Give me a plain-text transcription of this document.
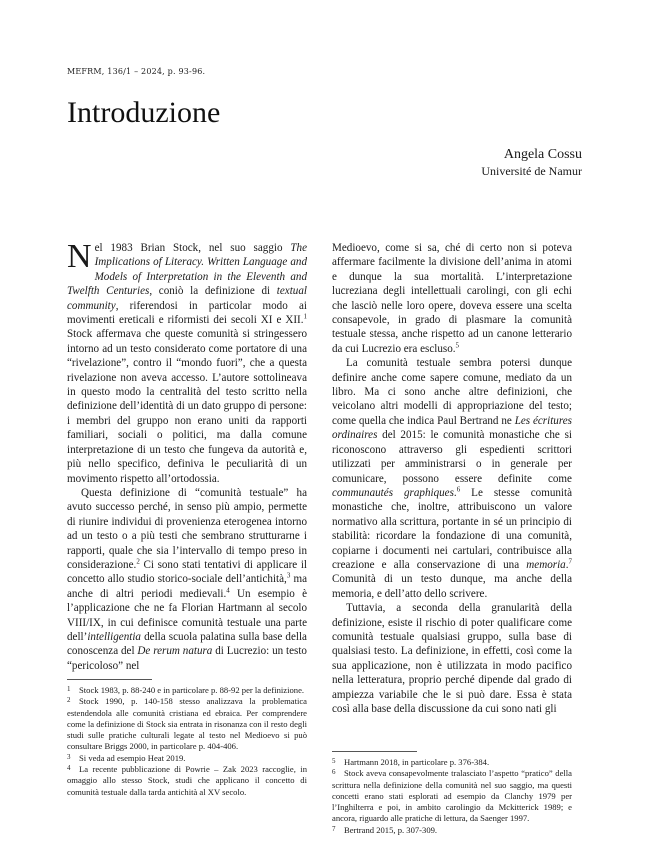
MEFRM, 136/1 – 2024, p. 93-96.
Introduzione
Angela Cossu
Université de Namur

Nel 1983 Brian Stock, nel suo saggio The Implications of Literacy. Written Language and Models of Interpretation in the Eleventh and Twelfth Centuries, coniò la definizione di textual community, riferendosi in particolar modo ai movimenti ereticali e riformisti dei secoli XI e XII.$^1$ Stock affermava che queste comunità si stringessero intorno ad un testo considerato come portatore di una “rivelazione”, contro il “mondo fuori”, che a questa rivelazione non aveva accesso. L’autore sottolineava in questo modo la centralità del testo scritto nella definizione dell’identità di un dato gruppo di persone: i membri del gruppo non erano uniti da rapporti familiari, sociali o politici, ma dalla comune interpretazione di un testo che fungeva da autorità e, più nello specifico, definiva le peculiarità di un movimento rispetto all’ortodossia.

Questa definizione di “comunità testuale” ha avuto successo perché, in senso più ampio, permette di riunire individui di provenienza eterogenea intorno ad un testo o a più testi che sembrano strutturarne i rapporti, quale che sia l’intervallo di tempo preso in considerazione.$^2$ Ci sono stati tentativi di applicare il concetto allo studio storico-sociale dell’antichità,$^3$ ma anche di altri periodi medievali.$^4$ Un esempio è l’applicazione che ne fa Florian Hartmann al secolo VIII/IX, in cui definisce comunità testuale una parte dell’intelligentia della scuola palatina sulla base della conoscenza del De rerum natura di Lucrezio: un testo “pericoloso” nel

Medioevo, come si sa, ché di certo non si poteva affermare facilmente la divisione dell’anima in atomi e dunque la sua mortalità. L’interpretazione lucreziana degli intellettuali carolingi, con gli echi che lasciò nelle loro opere, doveva essere una scelta consapevole, in grado di plasmare la comunità testuale stessa, anche rispetto ad un canone letterario da cui Lucrezio era escluso.$^5$

La comunità testuale sembra potersi dunque definire anche come sapere comune, mediato da un libro. Ma ci sono anche altre definizioni, che veicolano altri modelli di appropriazione del testo; come quella che indica Paul Bertrand ne Les écritures ordinaires del 2015: le comunità monastiche che si riconoscono attraverso gli espedienti scrittori utilizzati per amministrarsi o in generale per comunicare, possono essere definite come communautés graphiques.$^6$ Le stesse comunità monastiche che, inoltre, attribuiscono un valore normativo alla scrittura, portante in sé un principio di stabilità: ricordare la fondazione di una comunità, copiarne i documenti nei cartulari, contribuisce alla creazione e alla conservazione di una memoria.$^7$ Comunità di un testo dunque, ma anche della memoria, e dell’atto dello scrivere.

Tuttavia, a seconda della granularità della definizione, esiste il rischio di poter qualificare come comunità testuale qualsiasi gruppo, sulla base di qualsiasi testo. La definizione, in effetti, così come la sua applicazione, non è utilizzata in modo pacifico nella letteratura, proprio perché dipende dal grado di ampiezza variabile che le si può dare. Essa è stata così alla base della discussione da cui sono nati gli

1 Stock 1983, p. 88-240 e in particolare p. 88-92 per la definizione.

2 Stock 1990, p. 140-158 stesso analizzava la problematica estendendola alle comunità cristiana ed ebraica. Per comprendere come la definizione di Stock sia entrata in risonanza con il resto degli studi sulle pratiche culturali legate al testo nel Medioevo si può consultare Briggs 2000, in particolare p. 404-406.

3 Si veda ad esempio Heat 2019.

4 La recente pubblicazione di Powrie – Zak 2023 raccoglie, in omaggio allo stesso Stock, studi che applicano il concetto di comunità testuale dalla tarda antichità al XV secolo.

5 Hartmann 2018, in particolare p. 376-384.

6 Stock aveva consapevolmente tralasciato l’aspetto “pratico” della scrittura nella definizione della comunità nel suo saggio, ma questi concetti erano stati esplorati ad esempio da Clanchy 1979 per l’Inghilterra e poi, in ambito carolingio da Mckitterick 1989; e ancora, riguardo alle pratiche di lettura, da Saenger 1997.

7 Bertrand 2015, p. 307-309.
